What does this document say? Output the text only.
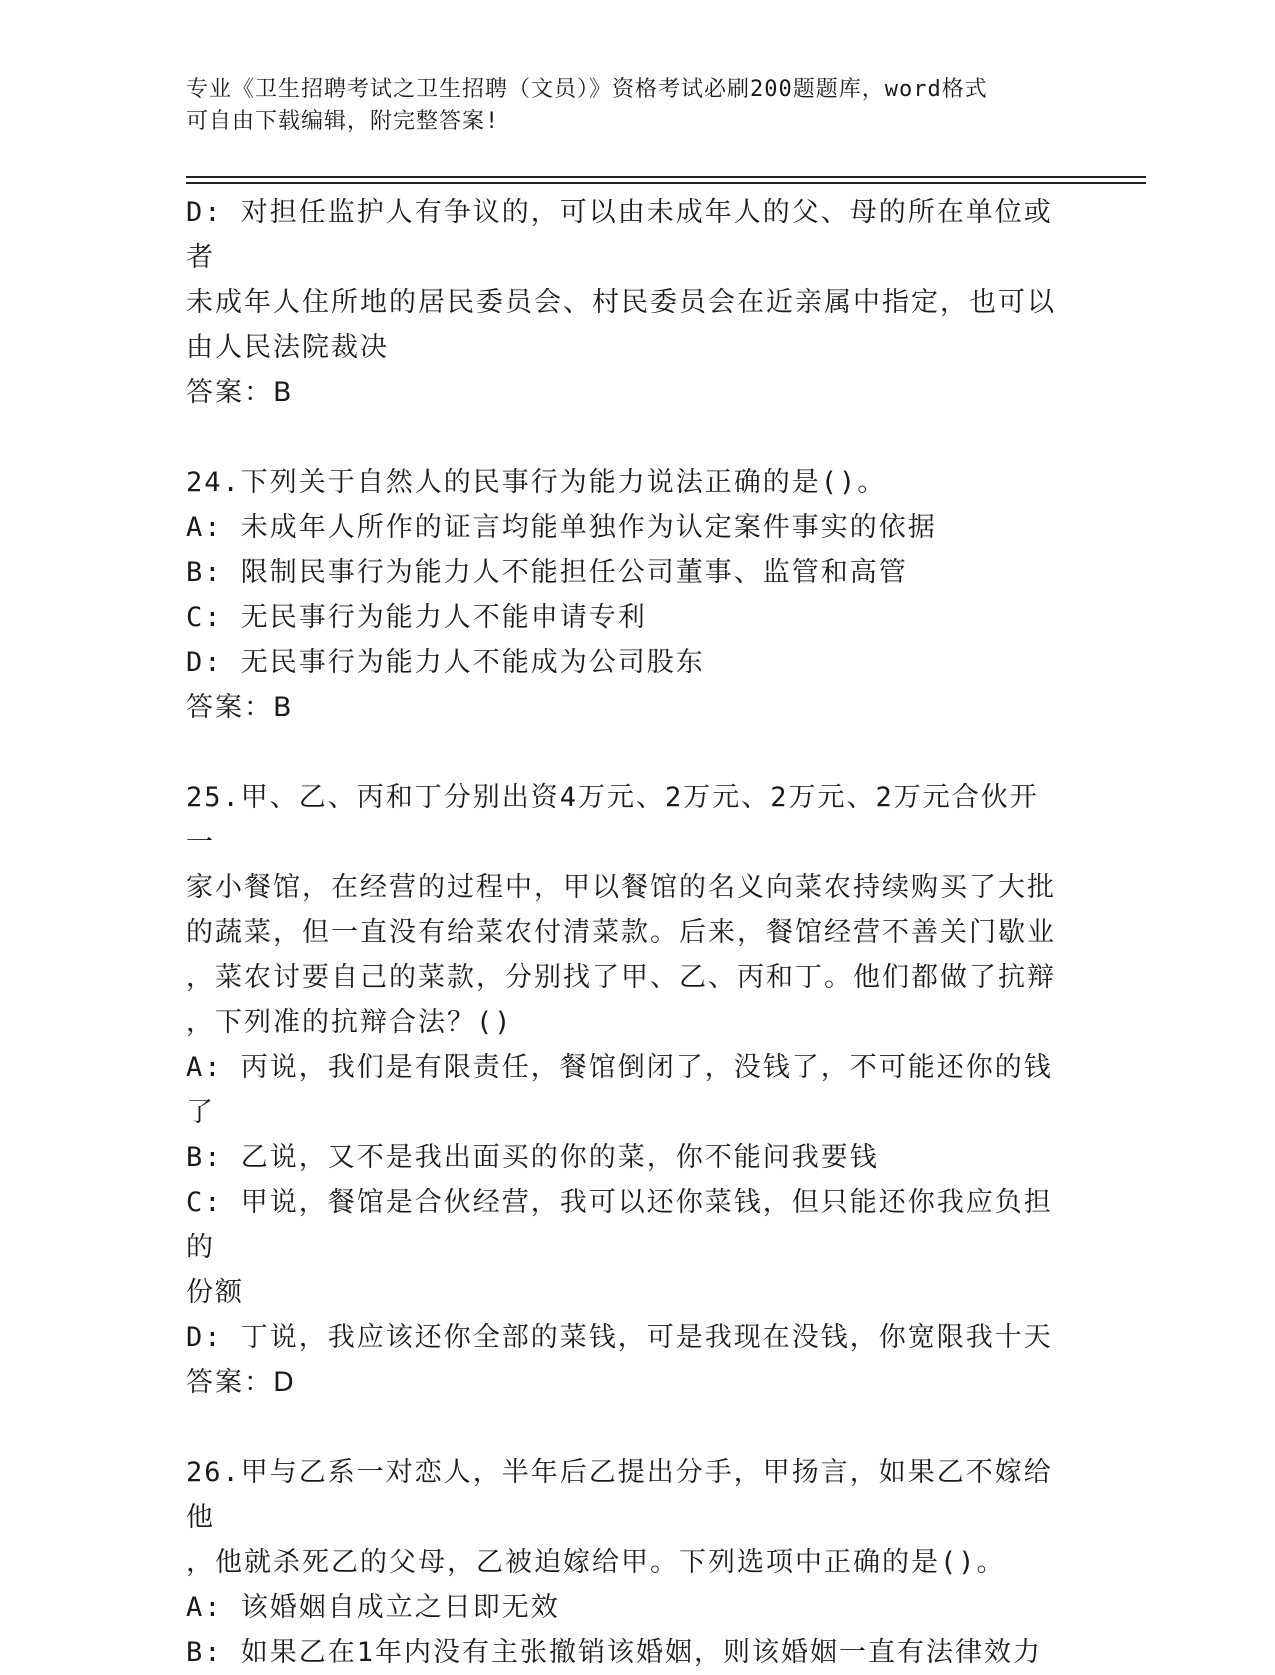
专业《卫生招聘考试之卫生招聘（文员）》资格考试必刷200题题库，word格式
可自由下载编辑，附完整答案!

D: 对担任监护人有争议的，可以由未成年人的父、母的所在单位或者

未成年人住所地的居民委员会、村民委员会在近亲属中指定，也可以

由人民法院裁决

答案：B

24.下列关于自然人的民事行为能力说法正确的是()。

A: 未成年人所作的证言均能单独作为认定案件事实的依据

B: 限制民事行为能力人不能担任公司董事、监管和高管

C: 无民事行为能力人不能申请专利

D: 无民事行为能力人不能成为公司股东

答案：B

25.甲、乙、丙和丁分别出资4万元、2万元、2万元、2万元合伙开一

家小餐馆，在经营的过程中，甲以餐馆的名义向菜农持续购买了大批

的蔬菜，但一直没有给菜农付清菜款。后来，餐馆经营不善关门歇业

，菜农讨要自己的菜款，分别找了甲、乙、丙和丁。他们都做了抗辩

，下列准的抗辩合法？()

A: 丙说，我们是有限责任，餐馆倒闭了，没钱了，不可能还你的钱了

B: 乙说，又不是我出面买的你的菜，你不能问我要钱

C: 甲说，餐馆是合伙经营，我可以还你菜钱，但只能还你我应负担的

份额

D: 丁说，我应该还你全部的菜钱，可是我现在没钱，你宽限我十天

答案：D

26.甲与乙系一对恋人，半年后乙提出分手，甲扬言，如果乙不嫁给他

，他就杀死乙的父母，乙被迫嫁给甲。下列选项中正确的是()。

A: 该婚姻自成立之日即无效

B: 如果乙在1年内没有主张撤销该婚姻，则该婚姻一直有法律效力
